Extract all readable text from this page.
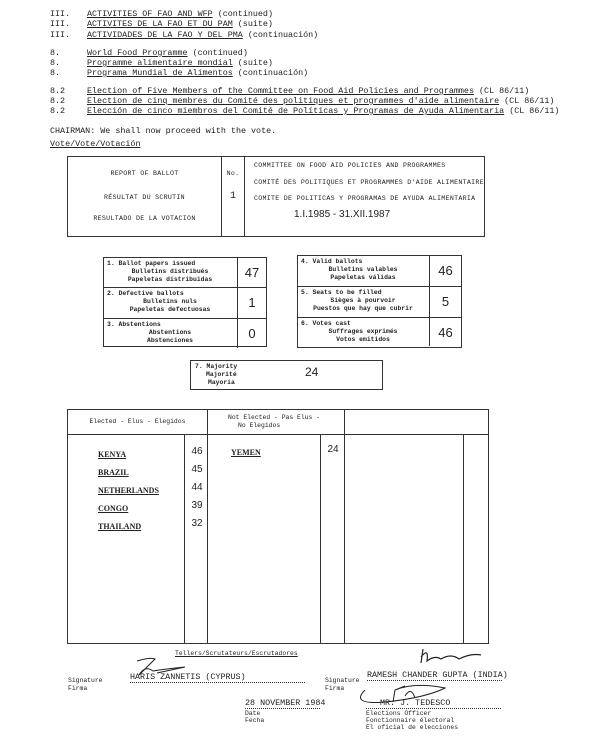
III. ACTIVITIES OF FAO AND WFP (continued)
III. ACTIVITES DE LA FAO ET DU PAM (suite)
III. ACTIVIDADES DE LA FAO Y DEL PMA (continuación)
8.	World Food Programme (continued)
8.	Programme alimentaire mondial (suite)
8.	Programa Mundial de Alimentos (continuación)
8.2	Election of Five Members of the Committee on Food Aid Policies and Programmes (CL 86/11)
8.2	Election de cinq membres du Comité des politiques et programmes d'aide alimentaire (CL 86/11)
8.2	Elección de cinco miembros del Comité de Políticas y Programas de Ayuda Alimentaria (CL 86/11)
CHAIRMAN: We shall now proceed with the vote.
Vote/Vote/Votación
REPORT OF BALLOT
RÉSULTAT DU SCRUTIN
RESULTADO DE LA VOTACION
No.
1
COMMITTEE ON FOOD AID POLICIES AND PROGRAMMES
COMITÉ DES POLITIQUES ET PROGRAMMES D'AIDE ALIMENTAIRE
COMITE DE POLITICAS Y PROGRAMAS DE AYUDA ALIMENTARIA
1.I.1985 - 31.XII.1987
1. Ballot papers issued
Bulletins distribués
Papeletas distribuidas	47
2. Defective ballots
Bulletins nuls
Papeletas defectuosas	1
3. Abstentions
Abstentions
Abstenciones	0
4. Valid ballots
Bulletins valables
Papeletas válidas	46
5. Seats to be filled
Sièges à pourvoir
Puestos que hay que cubrir	5
6. Votes cast
Suffrages exprimés
Votos emitidos	46
7. Majority
Majorité
Mayoría
24
Elected - Elus - Elegidos
Not Elected - Pas Elus -
No Elegidos
KENYA	46
BRAZIL	45
NETHERLANDS	44
CONGO	39
THAILAND	32
YEMEN	24
Tellers/Scrutateurs/Escrutadores
Signature
Firma
HARIS ZANNETIS (CYPRUS)	Signature
Firma
RAMESH CHANDER GUPTA (INDIA)
28 NOVEMBER 1984
Date
Fecha
MR. J. TEDESCO
Elections Officer
Fonctionnaire électoral
El oficial de elecciones
